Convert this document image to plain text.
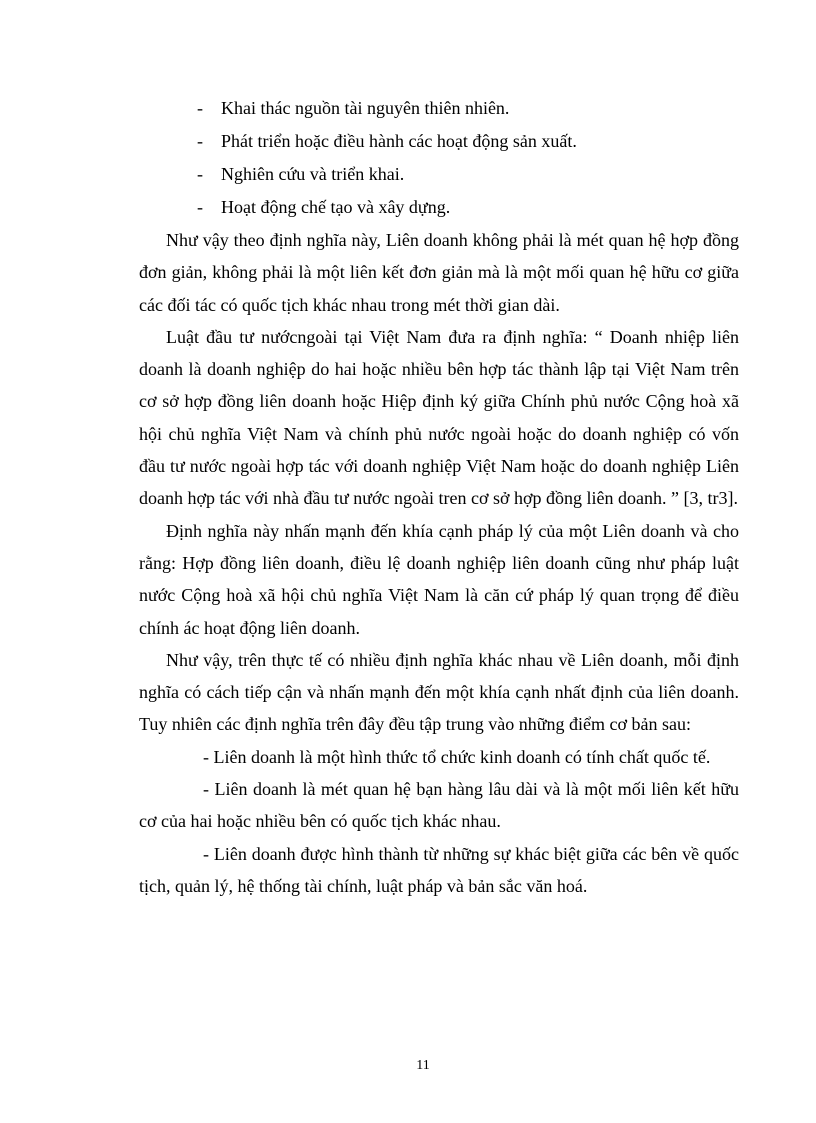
-	Khai thác nguồn tài nguyên thiên nhiên.
-	Phát triển hoặc điều hành các hoạt động sản xuất.
-	Nghiên cứu và triển khai.
-	Hoạt động chế tạo và xây dựng.

Như vậy theo định nghĩa này, Liên doanh không phải là mét quan hệ hợp đồng đơn giản, không phải là một liên kết đơn giản mà là một mối quan hệ hữu cơ giữa các đối tác có quốc tịch khác nhau trong mét thời gian dài.

Luật đầu tư nướcngoài tại Việt Nam đưa ra định nghĩa: “ Doanh nhiệp liên doanh là doanh nghiệp do hai hoặc nhiều bên hợp tác thành lập tại Việt Nam trên cơ sở hợp đồng liên doanh hoặc Hiệp định ký giữa Chính phủ nước Cộng hoà xã hội chủ nghĩa Việt Nam và chính phủ nước ngoài hoặc do doanh nghiệp có vốn đầu tư nước ngoài hợp tác với doanh nghiệp Việt Nam hoặc do doanh nghiệp Liên doanh hợp tác với nhà đầu tư nước ngoài tren cơ sở hợp đồng liên doanh. ” [3, tr3].

Định nghĩa này nhấn mạnh đến khía cạnh pháp lý của một Liên doanh và cho rằng: Hợp đồng liên doanh, điều lệ doanh nghiệp liên doanh cũng như pháp luật nước Cộng hoà xã hội chủ nghĩa Việt Nam là căn cứ pháp lý quan trọng để điều chính ác hoạt động liên doanh.

Như vậy, trên thực tế có nhiều định nghĩa khác nhau về Liên doanh, mỗi định nghĩa có cách tiếp cận và nhấn mạnh đến một khía cạnh nhất định của liên doanh. Tuy nhiên các định nghĩa trên đây đều tập trung vào những điểm cơ bản sau:

- Liên doanh là một hình thức tổ chức kinh doanh có tính chất quốc tế.

- Liên doanh là mét quan hệ bạn hàng lâu dài và là một mối liên kết hữu cơ của hai hoặc nhiều bên có quốc tịch khác nhau.

- Liên doanh được hình thành từ những sự khác biệt giữa các bên về quốc tịch, quản lý, hệ thống tài chính, luật pháp và bản sắc văn hoá.

11
